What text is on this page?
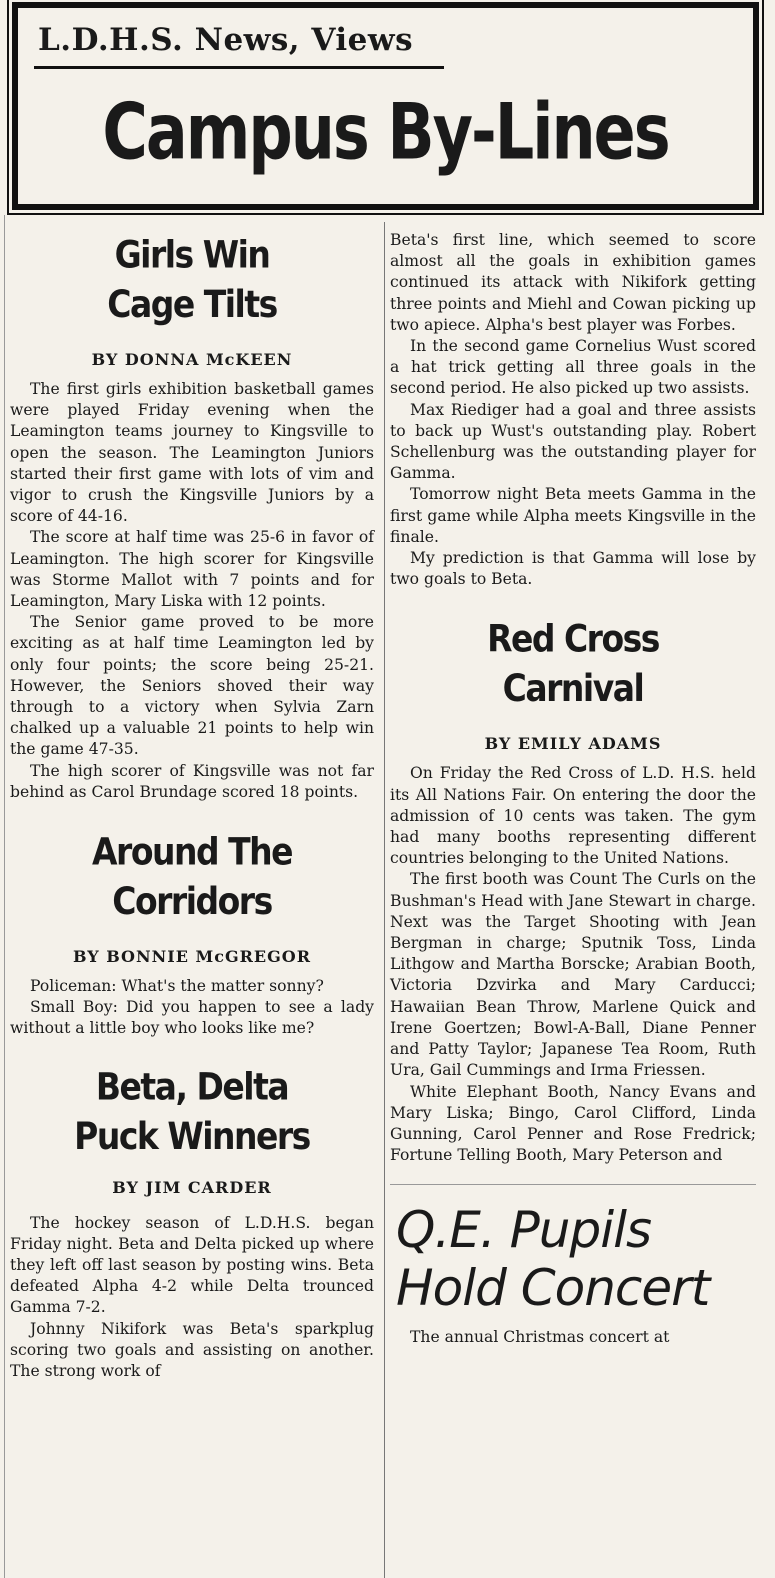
L.D.H.S. News, Views
Campus By-Lines
Girls Win
Cage Tilts
BY DONNA McKEEN

The first girls exhibition basketball games were played Friday evening when the Leamington teams journey to Kingsville to open the season. The Leamington Juniors started their first game with lots of vim and vigor to crush the Kingsville Juniors by a score of 44-16.

The score at half time was 25-6 in favor of Leamington. The high scorer for Kingsville was Storme Mallot with 7 points and for Leamington, Mary Liska with 12 points.

The Senior game proved to be more exciting as at half time Leamington led by only four points; the score being 25-21. However, the Seniors shoved their way through to a victory when Sylvia Zarn chalked up a valuable 21 points to help win the game 47-35.

The high scorer of Kingsville was not far behind as Carol Brundage scored 18 points.

Around The
Corridors
BY BONNIE McGREGOR

Policeman: What's the matter sonny?

Small Boy: Did you happen to see a lady without a little boy who looks like me?

Beta, Delta
Puck Winners
BY JIM CARDER

The hockey season of L.D.H.S. began Friday night. Beta and Delta picked up where they left off last season by posting wins. Beta defeated Alpha 4-2 while Delta trounced Gamma 7-2.

Johnny Nikifork was Beta's sparkplug scoring two goals and assisting on another. The strong work of

Beta's first line, which seemed to score almost all the goals in exhibition games continued its attack with Nikifork getting three points and Miehl and Cowan picking up two apiece. Alpha's best player was Forbes.

In the second game Cornelius Wust scored a hat trick getting all three goals in the second period. He also picked up two assists.

Max Riediger had a goal and three assists to back up Wust's outstanding play. Robert Schellenburg was the outstanding player for Gamma.

Tomorrow night Beta meets Gamma in the first game while Alpha meets Kingsville in the finale.

My prediction is that Gamma will lose by two goals to Beta.

Red Cross
Carnival
BY EMILY ADAMS

On Friday the Red Cross of L.D. H.S. held its All Nations Fair. On entering the door the admission of 10 cents was taken. The gym had many booths representing different countries belonging to the United Nations.

The first booth was Count The Curls on the Bushman's Head with Jane Stewart in charge. Next was the Target Shooting with Jean Bergman in charge; Sputnik Toss, Linda Lithgow and Martha Borscke; Arabian Booth, Victoria Dzvirka and Mary Carducci; Hawaiian Bean Throw, Marlene Quick and Irene Goertzen; Bowl-A-Ball, Diane Penner and Patty Taylor; Japanese Tea Room, Ruth Ura, Gail Cummings and Irma Friessen.

White Elephant Booth, Nancy Evans and Mary Liska; Bingo, Carol Clifford, Linda Gunning, Carol Penner and Rose Fredrick; Fortune Telling Booth, Mary Peterson and

Q.E. Pupils
Hold Concert

The annual Christmas concert at
